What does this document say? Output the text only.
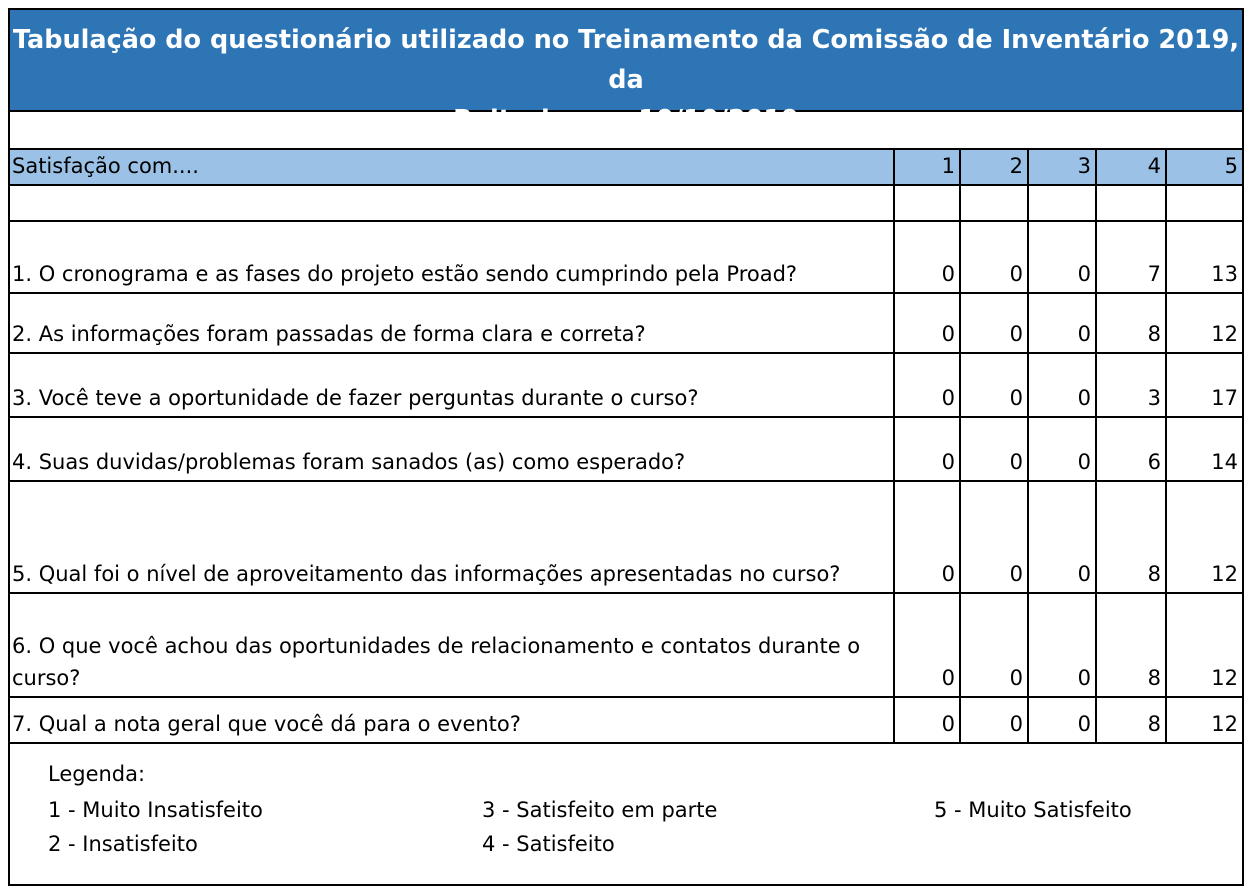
Tabulação do questionário utilizado no Treinamento da Comissão de Inventário 2019, da
Reitoria, em 10/10/2019
Satisfação com....	1	2	3	4	5

1. O cronograma e as fases do projeto estão sendo cumprindo pela Proad?	0	0	0	7	13
2. As informações foram passadas de forma clara e correta?	0	0	0	8	12
3. Você teve a oportunidade de fazer perguntas durante o curso?	0	0	0	3	17
4. Suas duvidas/problemas foram sanados (as) como esperado?	0	0	0	6	14
5. Qual foi o nível de aproveitamento das informações apresentadas no curso?	0	0	0	8	12
6. O que você achou das oportunidades de relacionamento e contatos durante o curso?	0	0	0	8	12
7. Qual a nota geral que você dá para o evento?	0	0	0	8	12
Legenda:
1 - Muito Insatisfeito
2 - Insatisfeito
3 - Satisfeito em parte
4 - Satisfeito
5 - Muito Satisfeito
